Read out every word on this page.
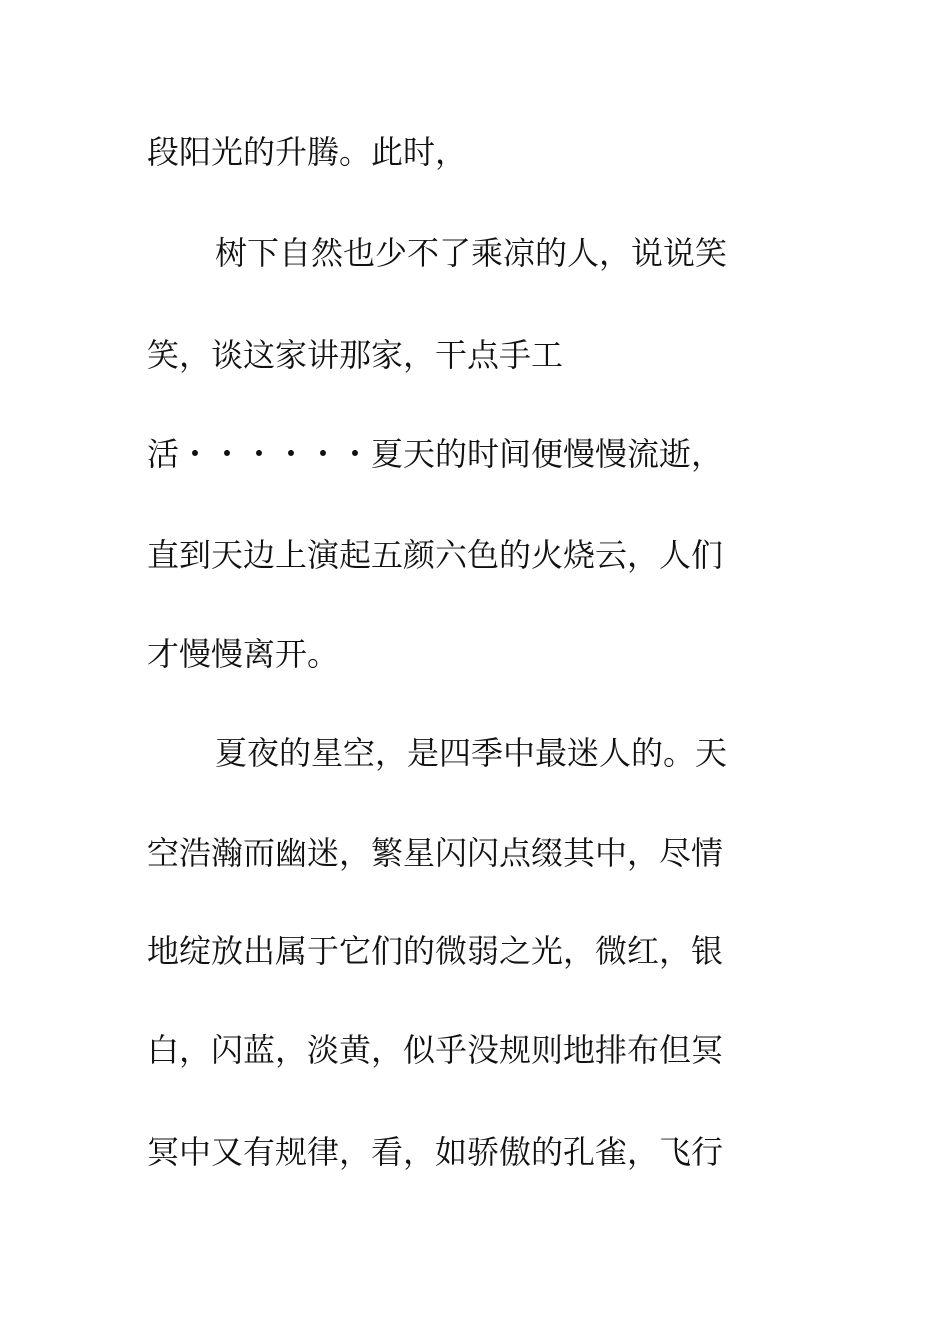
段阳光的升腾。此时，

树下自然也少不了乘凉的人，说说笑

笑，谈这家讲那家，干点手工

活・・・・・・夏天的时间便慢慢流逝，

直到天边上演起五颜六色的火烧云，人们

才慢慢离开。

夏夜的星空，是四季中最迷人的。天

空浩瀚而幽迷，繁星闪闪点缀其中，尽情

地绽放出属于它们的微弱之光，微红，银

白，闪蓝，淡黄，似乎没规则地排布但冥

冥中又有规律，看，如骄傲的孔雀，飞行
